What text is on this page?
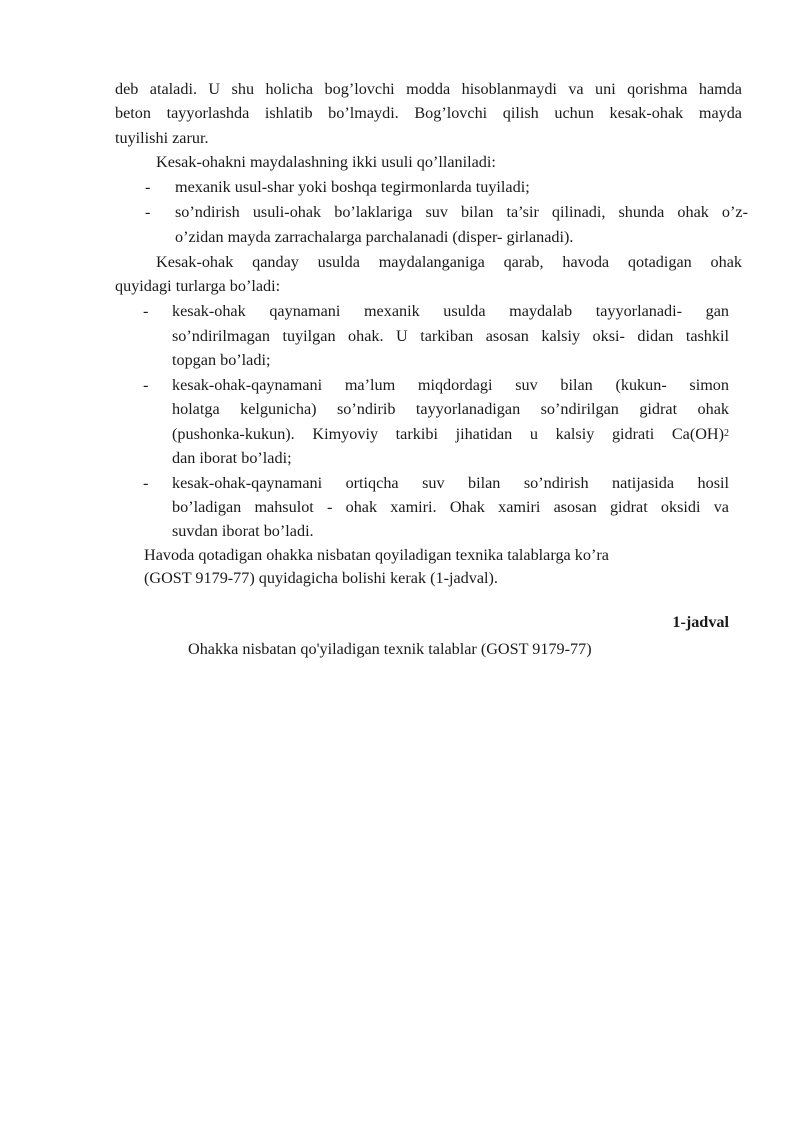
deb ataladi. U shu holicha bog’lovchi modda hisoblanmaydi va uni qorishma hamda
beton tayyorlashda ishlatib bo’lmaydi. Bog’lovchi qilish uchun kesak-ohak mayda
tuyilishi zarur.
Kesak-ohakni maydalashning ikki usuli qo’llaniladi:
- mexanik usul-shar yoki boshqa tegirmonlarda tuyiladi;
- so’ndirish usuli-ohak bo’laklariga suv bilan ta’sir qilinadi, shunda ohak o’z-
o’zidan mayda zarrachalarga parchalanadi (disper- girlanadi).
Kesak-ohak qanday usulda maydalanganiga qarab, havoda qotadigan ohak
quyidagi turlarga bo’ladi:
- kesak-ohak qaynamani mexanik usulda maydalab tayyorlanadi- gan
so’ndirilmagan tuyilgan ohak. U tarkiban asosan kalsiy oksi- didan tashkil
topgan bo’ladi;
- kesak-ohak-qaynamani ma’lum miqdordagi suv bilan (kukun- simon
holatga kelgunicha) so’ndirib tayyorlanadigan so’ndirilgan gidrat ohak
(pushonka-kukun). Kimyoviy tarkibi jihatidan u kalsiy gidrati Ca(OH) 2
dan iborat bo’ladi;
- kesak-ohak-qaynamani ortiqcha suv bilan so’ndirish natijasida hosil
bo’ladigan mahsulot - ohak xamiri. Ohak xamiri asosan gidrat oksidi va
suvdan iborat bo’ladi.
Havoda qotadigan ohakka nisbatan qoyiladigan texnika talablarga ko’ra
(GOST 9179-77) quyidagicha bolishi kerak (1-jadval).
1-jadval
Ohakka nisbatan qo'yiladigan texnik talablar (GOST 9179-77)
